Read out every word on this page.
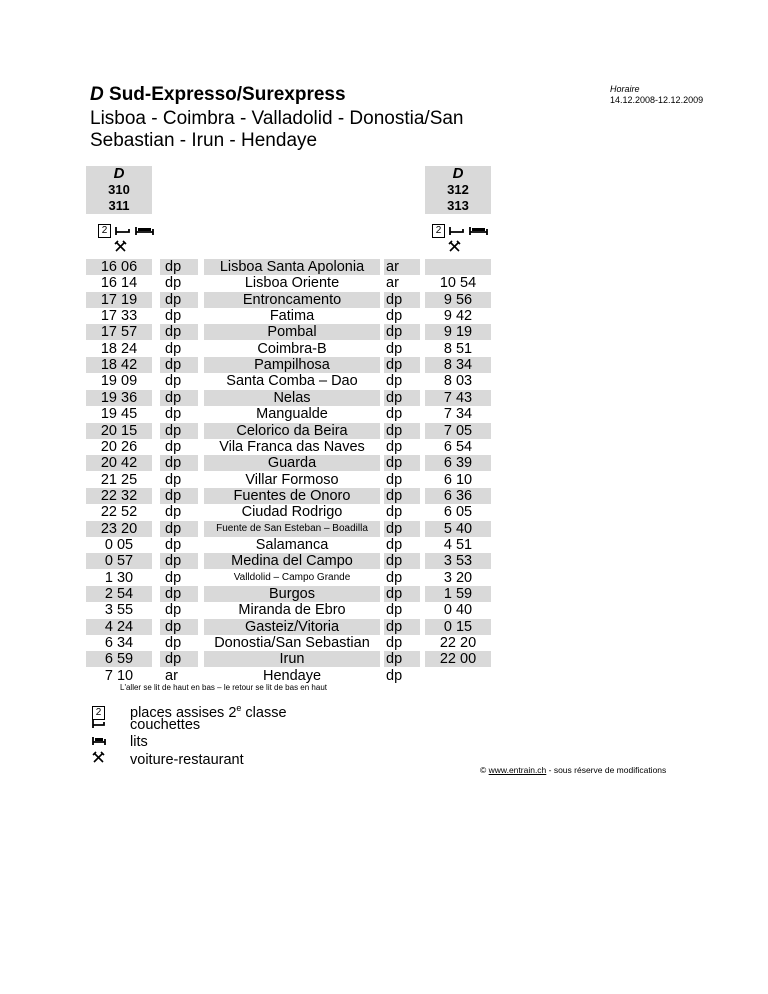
D Sud-Expresso/Surexpress
Lisboa - Coimbra - Valladolid - Donostia/San Sebastian - Irun - Hendaye
Horaire
14.12.2008-12.12.2009
D
310
311
D
312
313
2	2
16 06	dp	Lisboa Santa Apolonia	ar
16 14	dp	Lisboa Oriente	ar	10 54
17 19	dp	Entroncamento	dp	9 56
17 33	dp	Fatima	dp	9 42
17 57	dp	Pombal	dp	9 19
18 24	dp	Coimbra-B	dp	8 51
18 42	dp	Pampilhosa	dp	8 34
19 09	dp	Santa Comba – Dao	dp	8 03
19 36	dp	Nelas	dp	7 43
19 45	dp	Mangualde	dp	7 34
20 15	dp	Celorico da Beira	dp	7 05
20 26	dp	Vila Franca das Naves	dp	6 54
20 42	dp	Guarda	dp	6 39
21 25	dp	Villar Formoso	dp	6 10
22 32	dp	Fuentes de Onoro	dp	6 36
22 52	dp	Ciudad Rodrigo	dp	6 05
23 20	dp	Fuente de San Esteban – Boadilla	dp	5 40
0 05	dp	Salamanca	dp	4 51
0 57	dp	Medina del Campo	dp	3 53
1 30	dp	Valldolid – Campo Grande	dp	3 20
2 54	dp	Burgos	dp	1 59
3 55	dp	Miranda de Ebro	dp	0 40
4 24	dp	Gasteiz/Vitoria	dp	0 15
6 34	dp	Donostia/San Sebastian	dp	22 20
6 59	dp	Irun	dp	22 00
7 10	ar	Hendaye	dp
L'aller se lit de haut en bas – le retour se lit de bas en haut
2 places assises 2e classe
couchettes
lits
voiture-restaurant
© www.entrain.ch - sous réserve de modifications
